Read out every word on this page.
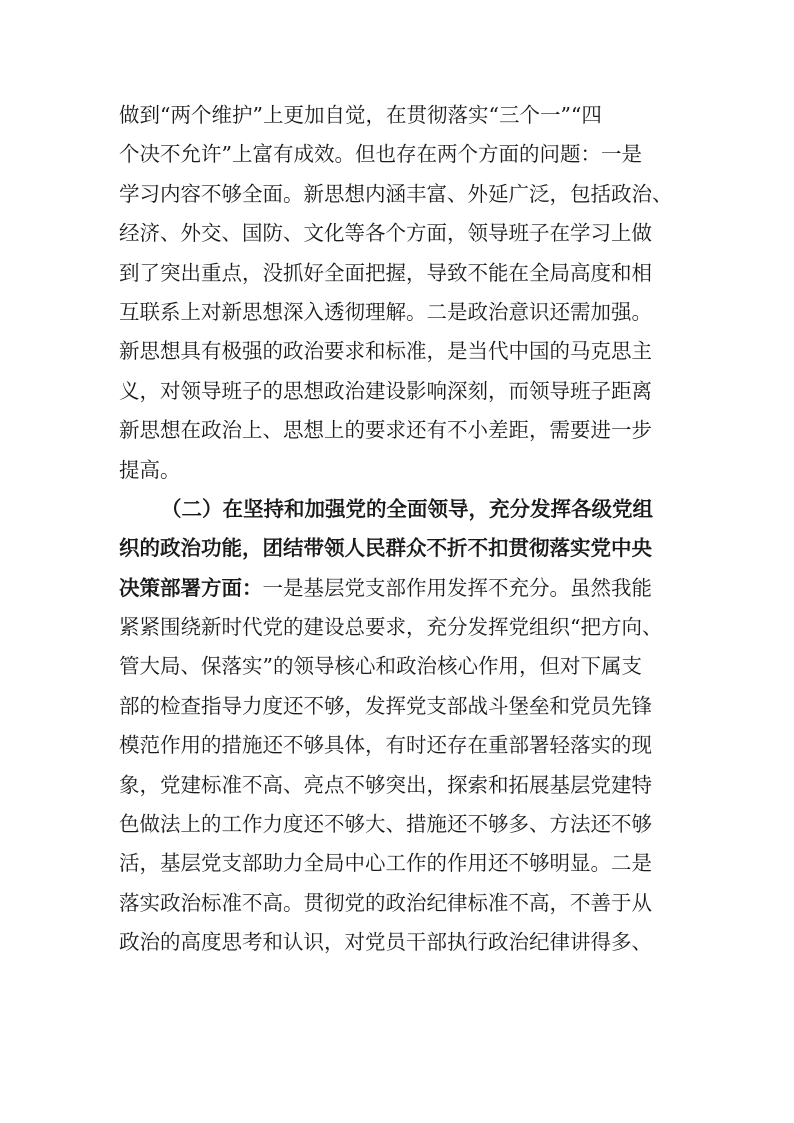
做到“两个维护”上更加自觉，在贯彻落实“三个一”“四
个决不允许”上富有成效。但也存在两个方面的问题：一是
学习内容不够全面。新思想内涵丰富、外延广泛，包括政治、
经济、外交、国防、文化等各个方面，领导班子在学习上做
到了突出重点，没抓好全面把握，导致不能在全局高度和相
互联系上对新思想深入透彻理解。二是政治意识还需加强。
新思想具有极强的政治要求和标准，是当代中国的马克思主
义，对领导班子的思想政治建设影响深刻，而领导班子距离
新思想在政治上、思想上的要求还有不小差距，需要进一步
提高。
（二）在坚持和加强党的全面领导，充分发挥各级党组
织的政治功能，团结带领人民群众不折不扣贯彻落实党中央
决策部署方面：一是基层党支部作用发挥不充分。虽然我能
紧紧围绕新时代党的建设总要求，充分发挥党组织“把方向、
管大局、保落实”的领导核心和政治核心作用，但对下属支
部的检查指导力度还不够，发挥党支部战斗堡垒和党员先锋
模范作用的措施还不够具体，有时还存在重部署轻落实的现
象，党建标准不高、亮点不够突出，探索和拓展基层党建特
色做法上的工作力度还不够大、措施还不够多、方法还不够
活，基层党支部助力全局中心工作的作用还不够明显。二是
落实政治标准不高。贯彻党的政治纪律标准不高，不善于从
政治的高度思考和认识，对党员干部执行政治纪律讲得多、
